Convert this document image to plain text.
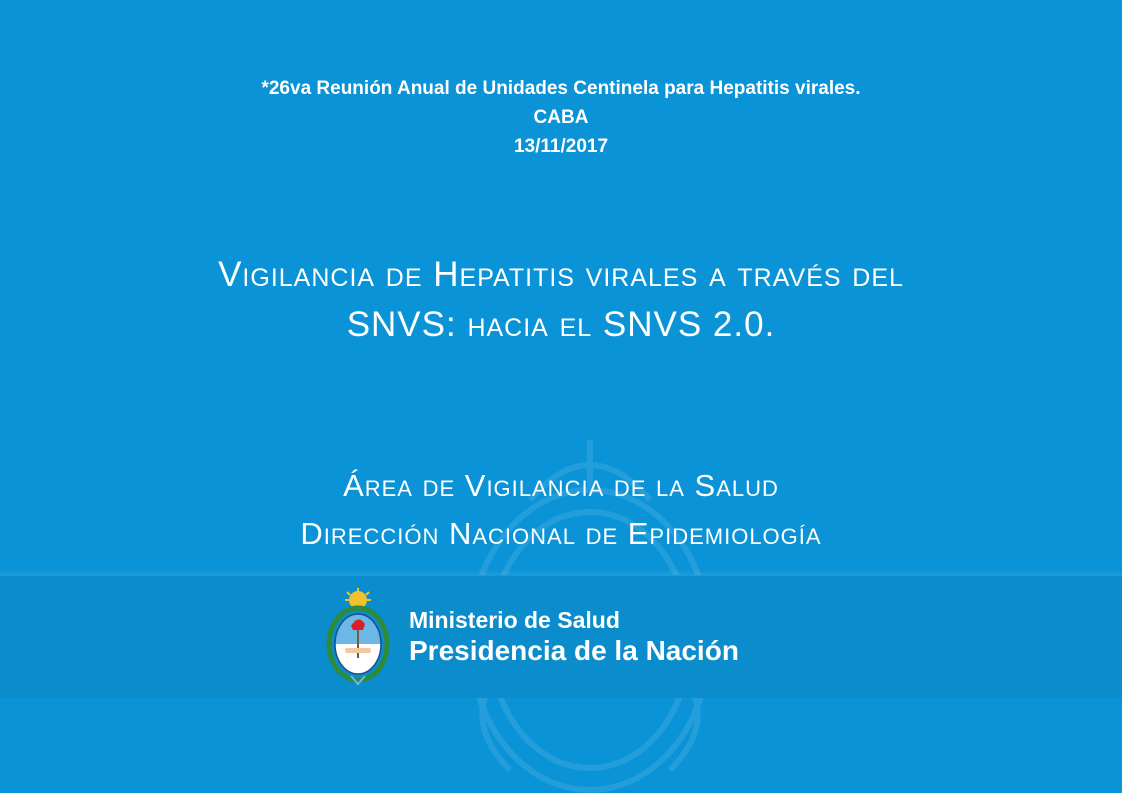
*26va Reunión Anual de Unidades Centinela para Hepatitis virales.
CABA
13/11/2017
Vigilancia de Hepatitis virales a través del
SNVS: hacia el SNVS 2.0.
Área de Vigilancia de la Salud
Dirección Nacional de Epidemiología
Ministerio de Salud
Presidencia de la Nación
